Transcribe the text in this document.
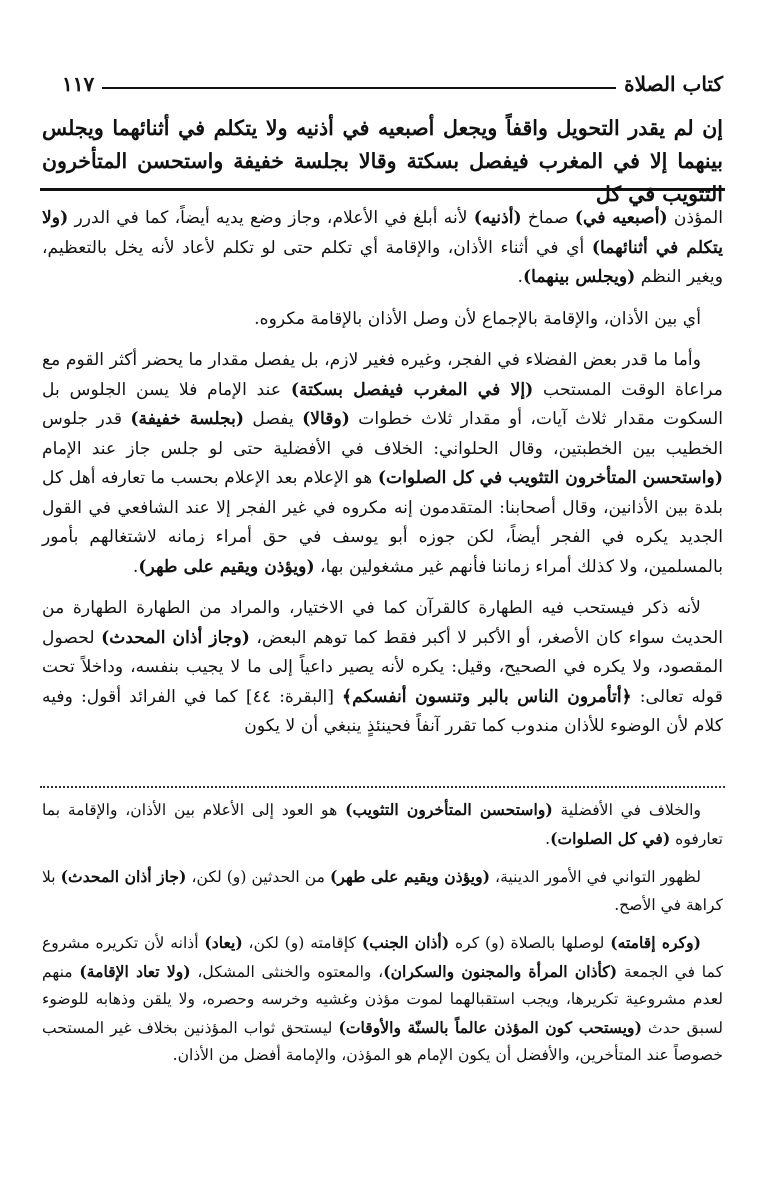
كتاب الصلاة
١١٧

إن لم يقدر التحويل واقفاً ويجعل أصبعيه في أذنيه ولا يتكلم في أثنائهما ويجلس بينهما إلا في المغرب فيفصل بسكتة وقالا بجلسة خفيفة واستحسن المتأخرون التثويب في كل

المؤذن (أصبعيه في) صماخ (أذنيه) لأنه أبلغ في الأعلام، وجاز وضع يديه أيضاً، كما في الدرر (ولا يتكلم في أثنائهما) أي في أثناء الأذان، والإقامة أي تكلم حتى لو تكلم لأعاد لأنه يخل بالتعظيم، ويغير النظم (ويجلس بينهما).

أي بين الأذان، والإقامة بالإجماع لأن وصل الأذان بالإقامة مكروه.

وأما ما قدر بعض الفضلاء في الفجر، وغيره فغير لازم، بل يفصل مقدار ما يحضر أكثر القوم مع مراعاة الوقت المستحب (إلا في المغرب فيفصل بسكتة) عند الإمام فلا يسن الجلوس بل السكوت مقدار ثلاث آيات، أو مقدار ثلاث خطوات (وقالا) يفصل (بجلسة خفيفة) قدر جلوس الخطيب بين الخطبتين، وقال الحلواني: الخلاف في الأفضلية حتى لو جلس جاز عند الإمام (واستحسن المتأخرون التثويب في كل الصلوات) هو الإعلام بعد الإعلام بحسب ما تعارفه أهل كل بلدة بين الأذانين، وقال أصحابنا: المتقدمون إنه مكروه في غير الفجر إلا عند الشافعي في القول الجديد يكره في الفجر أيضاً، لكن جوزه أبو يوسف في حق أمراء زمانه لاشتغالهم بأمور بالمسلمين، ولا كذلك أمراء زماننا فأنهم غير مشغولين بها، (ويؤذن ويقيم على طهر).

لأنه ذكر فيستحب فيه الطهارة كالقرآن كما في الاختيار، والمراد من الطهارة الطهارة من الحديث سواء كان الأصغر، أو الأكبر لا أكبر فقط كما توهم البعض، (وجاز أذان المحدث) لحصول المقصود، ولا يكره في الصحيح، وقيل: يكره لأنه يصير داعياً إلى ما لا يجيب بنفسه، وداخلاً تحت قوله تعالى: ﴿أتأمرون الناس بالبر وتنسون أنفسكم﴾ [البقرة: ٤٤] كما في الفرائد أقول: وفيه كلام لأن الوضوء للأذان مندوب كما تقرر آنفاً فحينئذٍ ينبغي أن لا يكون

والخلاف في الأفضلية (واستحسن المتأخرون التثويب) هو العود إلى الأعلام بين الأذان، والإقامة بما تعارفوه (في كل الصلوات).

لظهور التواني في الأمور الدينية، (ويؤذن ويقيم على طهر) من الحدثين (و) لكن، (جاز أذان المحدث) بلا كراهة في الأصح.

(وكره إقامته) لوصلها بالصلاة (و) كره (أذان الجنب) كإقامته (و) لكن، (يعاد) أذانه لأن تكريره مشروع كما في الجمعة (كأذان المرأة والمجنون والسكران)، والمعتوه والخنثى المشكل، (ولا تعاد الإقامة) منهم لعدم مشروعية تكريرها، ويجب استقبالهما لموت مؤذن وغشيه وخرسه وحصره، ولا يلقن وذهابه للوضوء لسبق حدث (ويستحب كون المؤذن عالماً بالسنّة والأوقات) ليستحق ثواب المؤذنين بخلاف غير المستحب خصوصاً عند المتأخرين، والأفضل أن يكون الإمام هو المؤذن، والإمامة أفضل من الأذان.
